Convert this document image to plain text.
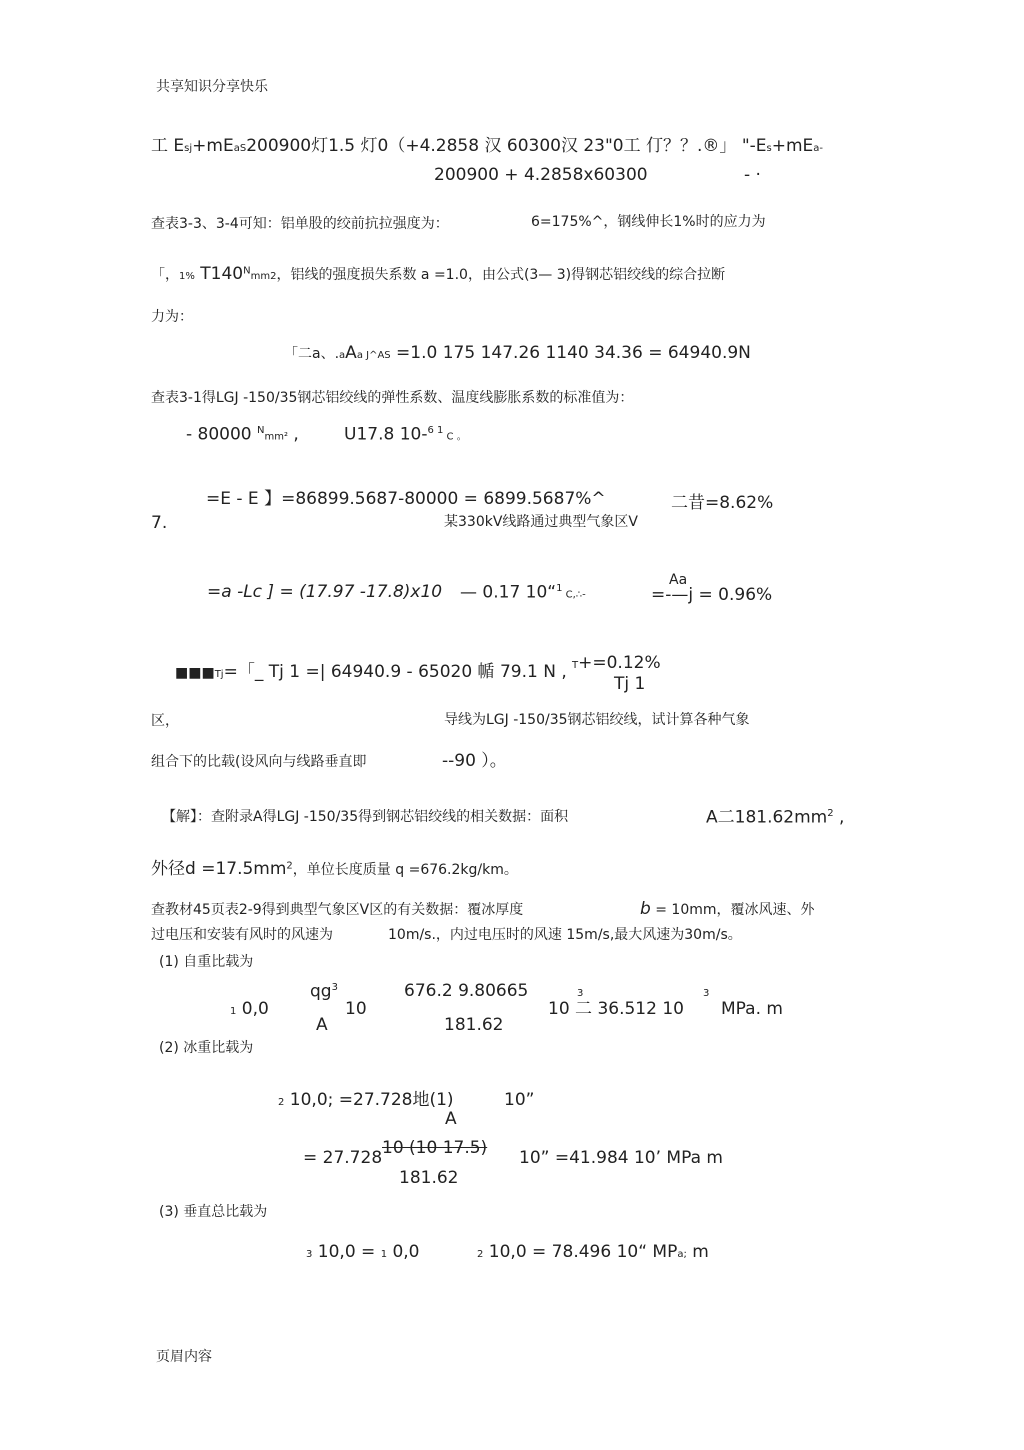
共享知识分享快乐
工 Esj+mEaS200900灯1.5 灯0（+4.2858 汉 60300汉 23"0工 仃？？.®」 "-Es+mEa-
200900 + 4.2858x60300	- ·
查表3-3、3-4可知：铝单股的绞前抗拉强度为：	6=175%^，钢线伸长1%时的应力为
「，1% $T140^Nmm2$，铝线的强度损失系数 a =1.0，由公式(3— 3)得钢芯铝绞线的综合拉断
力为：
「二a、.aAa J^AS =1.0 175 147.26 1140 34.36 = 64940.9N
查表3-1得LGJ -150/35钢芯铝绞线的弹性系数、温度线膨胀系数的标准值为：
- 80000 $^N$mm² ,	U17.8 10-$^{6 1}$ C 。
=E - E 】=86899.5687-80000 = 6899.5687%^	二昔=8.62%
7.	某330kV线路通过典型气象区V
=a -Lc ] = (17.97 -17.8)x10 — 0.17 10“$^1$ C,∴-
Aa
=-—j = 0.96%
■■■Tj=「_ Tj 1 =| 64940.9 - 65020 㡒 79.1 N , T+=0.12%
Tj 1
区，	导线为LGJ -150/35钢芯铝绞线，试计算各种气象
组合下的比载(设风向与线路垂直即	--90 ）。
【解】：查附录A得LGJ -150/35得到钢芯铝绞线的相关数据：面积	A二$181.62mm^2$ ,
外径$d =17.5mm^2$，单位长度质量 q =676.2kg/km。
查教材45页表2-9得到典型气象区V区的有关数据：覆冰厚度	b = 10mm，覆冰风速、外
过电压和安装有风时的风速为	10m/s.，内过电压时的风速 15m/s,最大风速为30m/s。
(1) 自重比载为
$qg^3$	676.2 9.80665	3	3
1 0,0	10	10 二 36.512 10 MPa. m
A	181.62
(2) 冰重比载为
2 10,0; =27.728地(1)	10”
A
= 27.728 10 (10 17.5) 10” =41.984 10’ MPa m
181.62
(3) 垂直总比载为
3 10,0 = 1 0,0	2 10,0 = 78.496 10“ MPa; m
页眉内容
